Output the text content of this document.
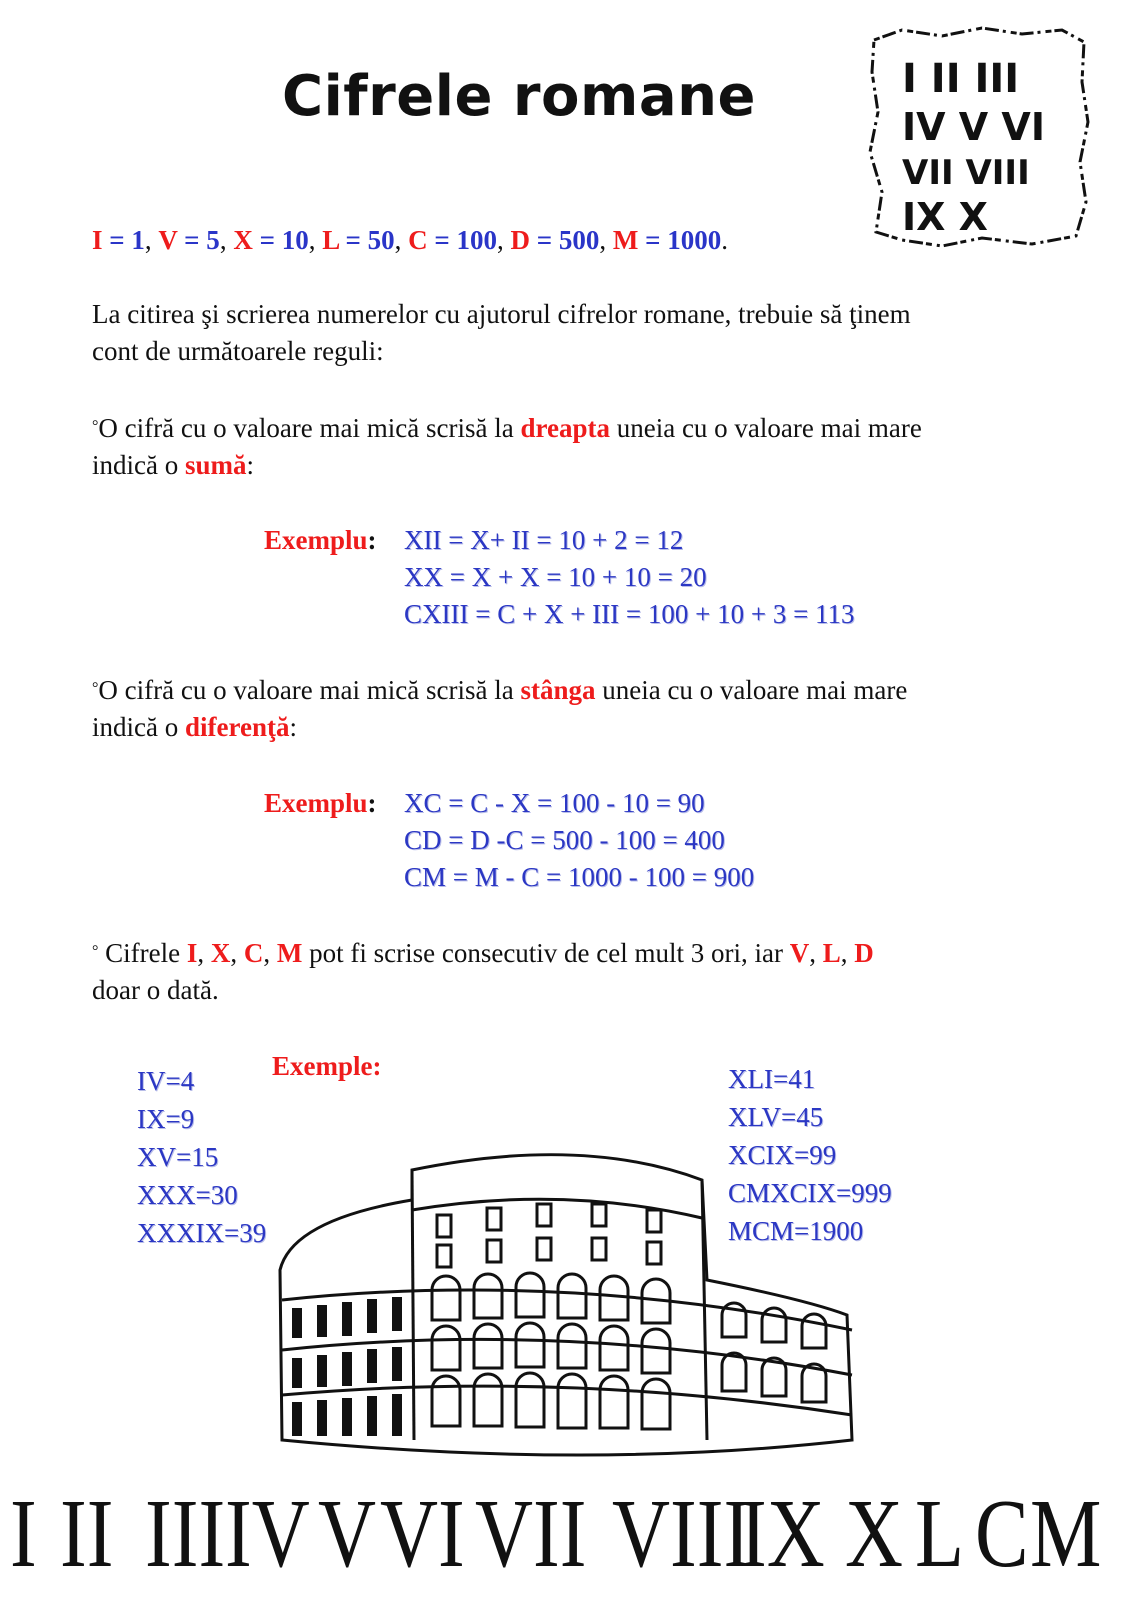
Cifrele romane	I II III
IV V VI
VII VIII
IX X
I = 1, V = 5, X = 10, L = 50, C = 100, D = 500, M = 1000.
La citirea şi scrierea numerelor cu ajutorul cifrelor romane, trebuie să ţinem
cont de următoarele reguli:
°O cifră cu o valoare mai mică scrisă la dreapta uneia cu o valoare mai mare
indică o sumă:
Exemplu: XII = X+ II = 10 + 2 = 12
XX = X + X = 10 + 10 = 20
CXIII = C + X + III = 100 + 10 + 3 = 113
°O cifră cu o valoare mai mică scrisă la stânga uneia cu o valoare mai mare
indică o diferenţă:
Exemplu: XC = C - X = 100 - 10 = 90
CD = D -C = 500 - 100 = 400
CM = M - C = 1000 - 100 = 900
° Cifrele I, X, C, M pot fi scrise consecutiv de cel mult 3 ori, iar V, L, D
doar o dată.
Exemple:
IV=4
IX=9
XV=15
XXX=30
XXXIX=39
XLI=41
XLV=45
XCIX=99
CMXCIX=999
MCM=1900
I II III IV V VI VII VIII
IX X L C M
